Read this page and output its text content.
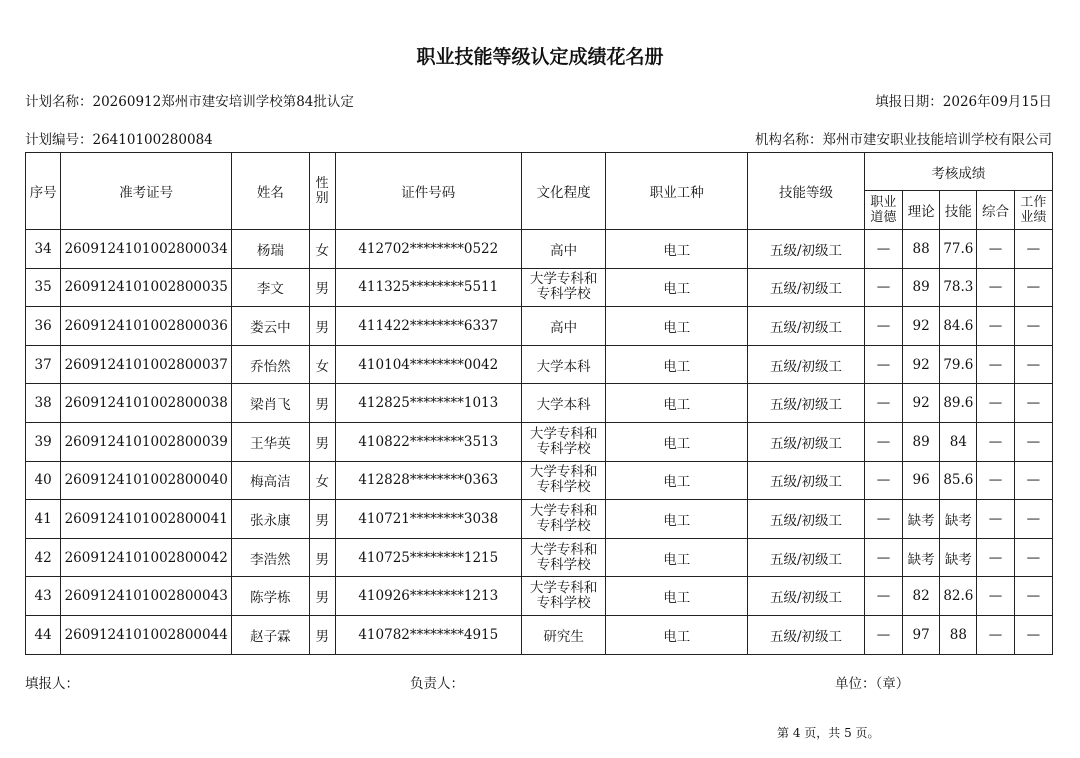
职业技能等级认定成绩花名册
计划名称：20260912郑州市建安培训学校第84批认定	填报日期：2026年09月15日
计划编号：26410100280084	机构名称：郑州市建安职业技能培训学校有限公司
序号	准考证号	姓名	性别	证件号码	文化程度	职业工种	技能等级	考核成绩				

								职业道德	理论	技能	综合	工作业绩

34	2609124101002800034	杨瑞	女	412702********0522	高中	电工	五级/初级工	—	88	77.6	—	—
35	2609124101002800035	李文	男	411325********5511	大学专科和专科学校	电工	五级/初级工	—	89	78.3	—	—
36	2609124101002800036	娄云中	男	411422********6337	高中	电工	五级/初级工	—	92	84.6	—	—
37	2609124101002800037	乔怡然	女	410104********0042	大学本科	电工	五级/初级工	—	92	79.6	—	—
38	2609124101002800038	梁肖飞	男	412825********1013	大学本科	电工	五级/初级工	—	92	89.6	—	—
39	2609124101002800039	王华英	男	410822********3513	大学专科和专科学校	电工	五级/初级工	—	89	84	—	—
40	2609124101002800040	梅高洁	女	412828********0363	大学专科和专科学校	电工	五级/初级工	—	96	85.6	—	—
41	2609124101002800041	张永康	男	410721********3038	大学专科和专科学校	电工	五级/初级工	—	缺考	缺考	—	—
42	2609124101002800042	李浩然	男	410725********1215	大学专科和专科学校	电工	五级/初级工	—	缺考	缺考	—	—
43	2609124101002800043	陈学栋	男	410926********1213	大学专科和专科学校	电工	五级/初级工	—	82	82.6	—	—
44	2609124101002800044	赵子霖	男	410782********4915	研究生	电工	五级/初级工	—	97	88	—	—
填报人：	负责人：	单位：（章）
第 4 页，共 5 页。
